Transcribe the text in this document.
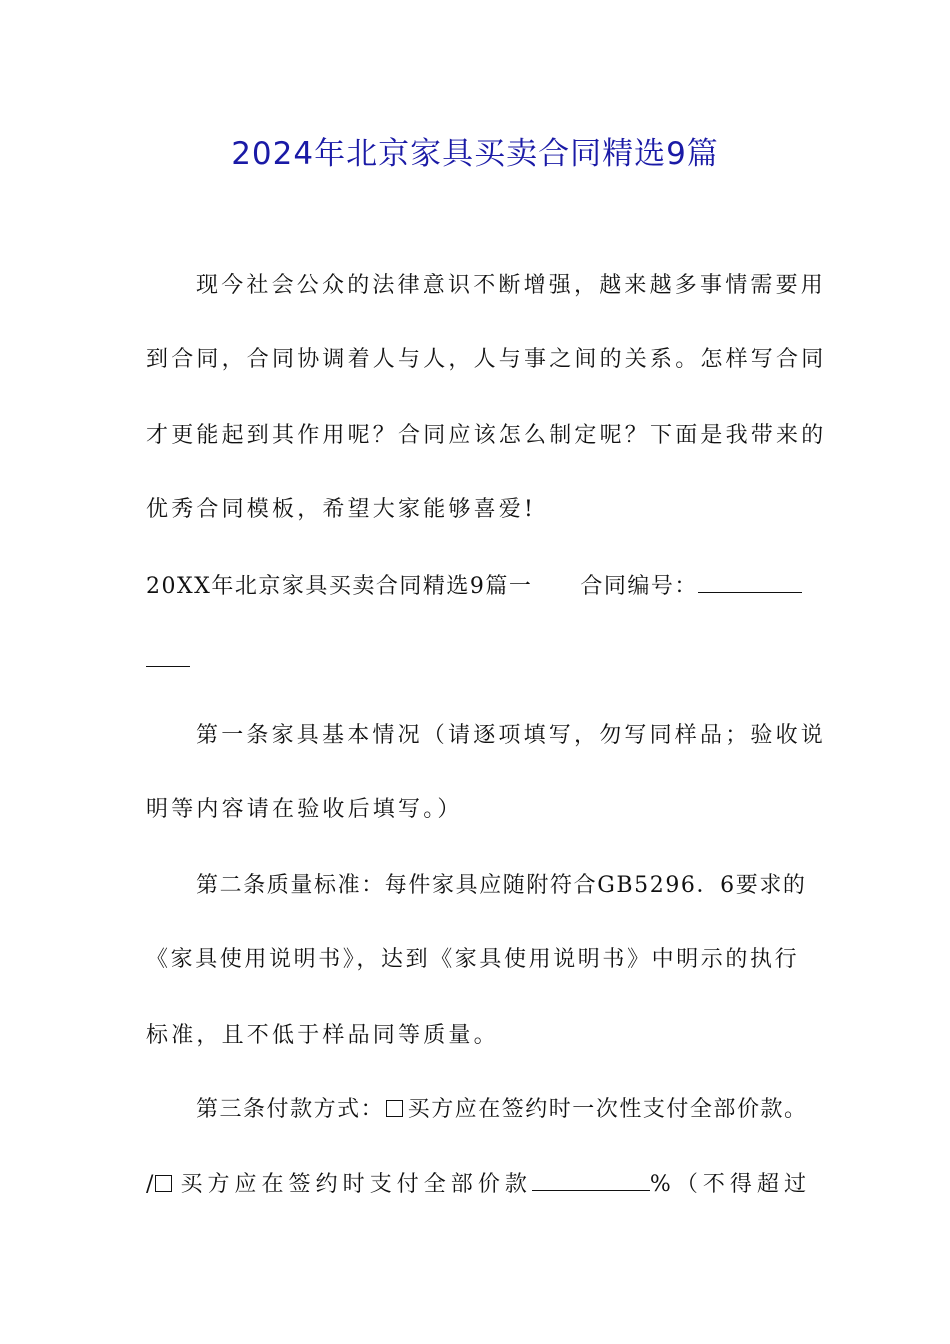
2024年北京家具买卖合同精选9篇
现今社会公众的法律意识不断增强，越来越多事情需要用
到合同，合同协调着人与人，人与事之间的关系。怎样写合同
才更能起到其作用呢？合同应该怎么制定呢？下面是我带来的
优秀合同模板，希望大家能够喜爱!
20XX年北京家具买卖合同精选9篇一 合同编号：
第一条家具基本情况（请逐项填写，勿写同样品；验收说
明等内容请在验收后填写。）
第二条质量标准：每件家具应随附符合GB5296．6要求的
《家具使用说明书》，达到《家具使用说明书》中明示的执行
标准，且不低于样品同等质量。
第三条付款方式： 买方应在签约时一次性支付全部价款。
/ 买方应在签约时支付全部价款	%（不得超过
